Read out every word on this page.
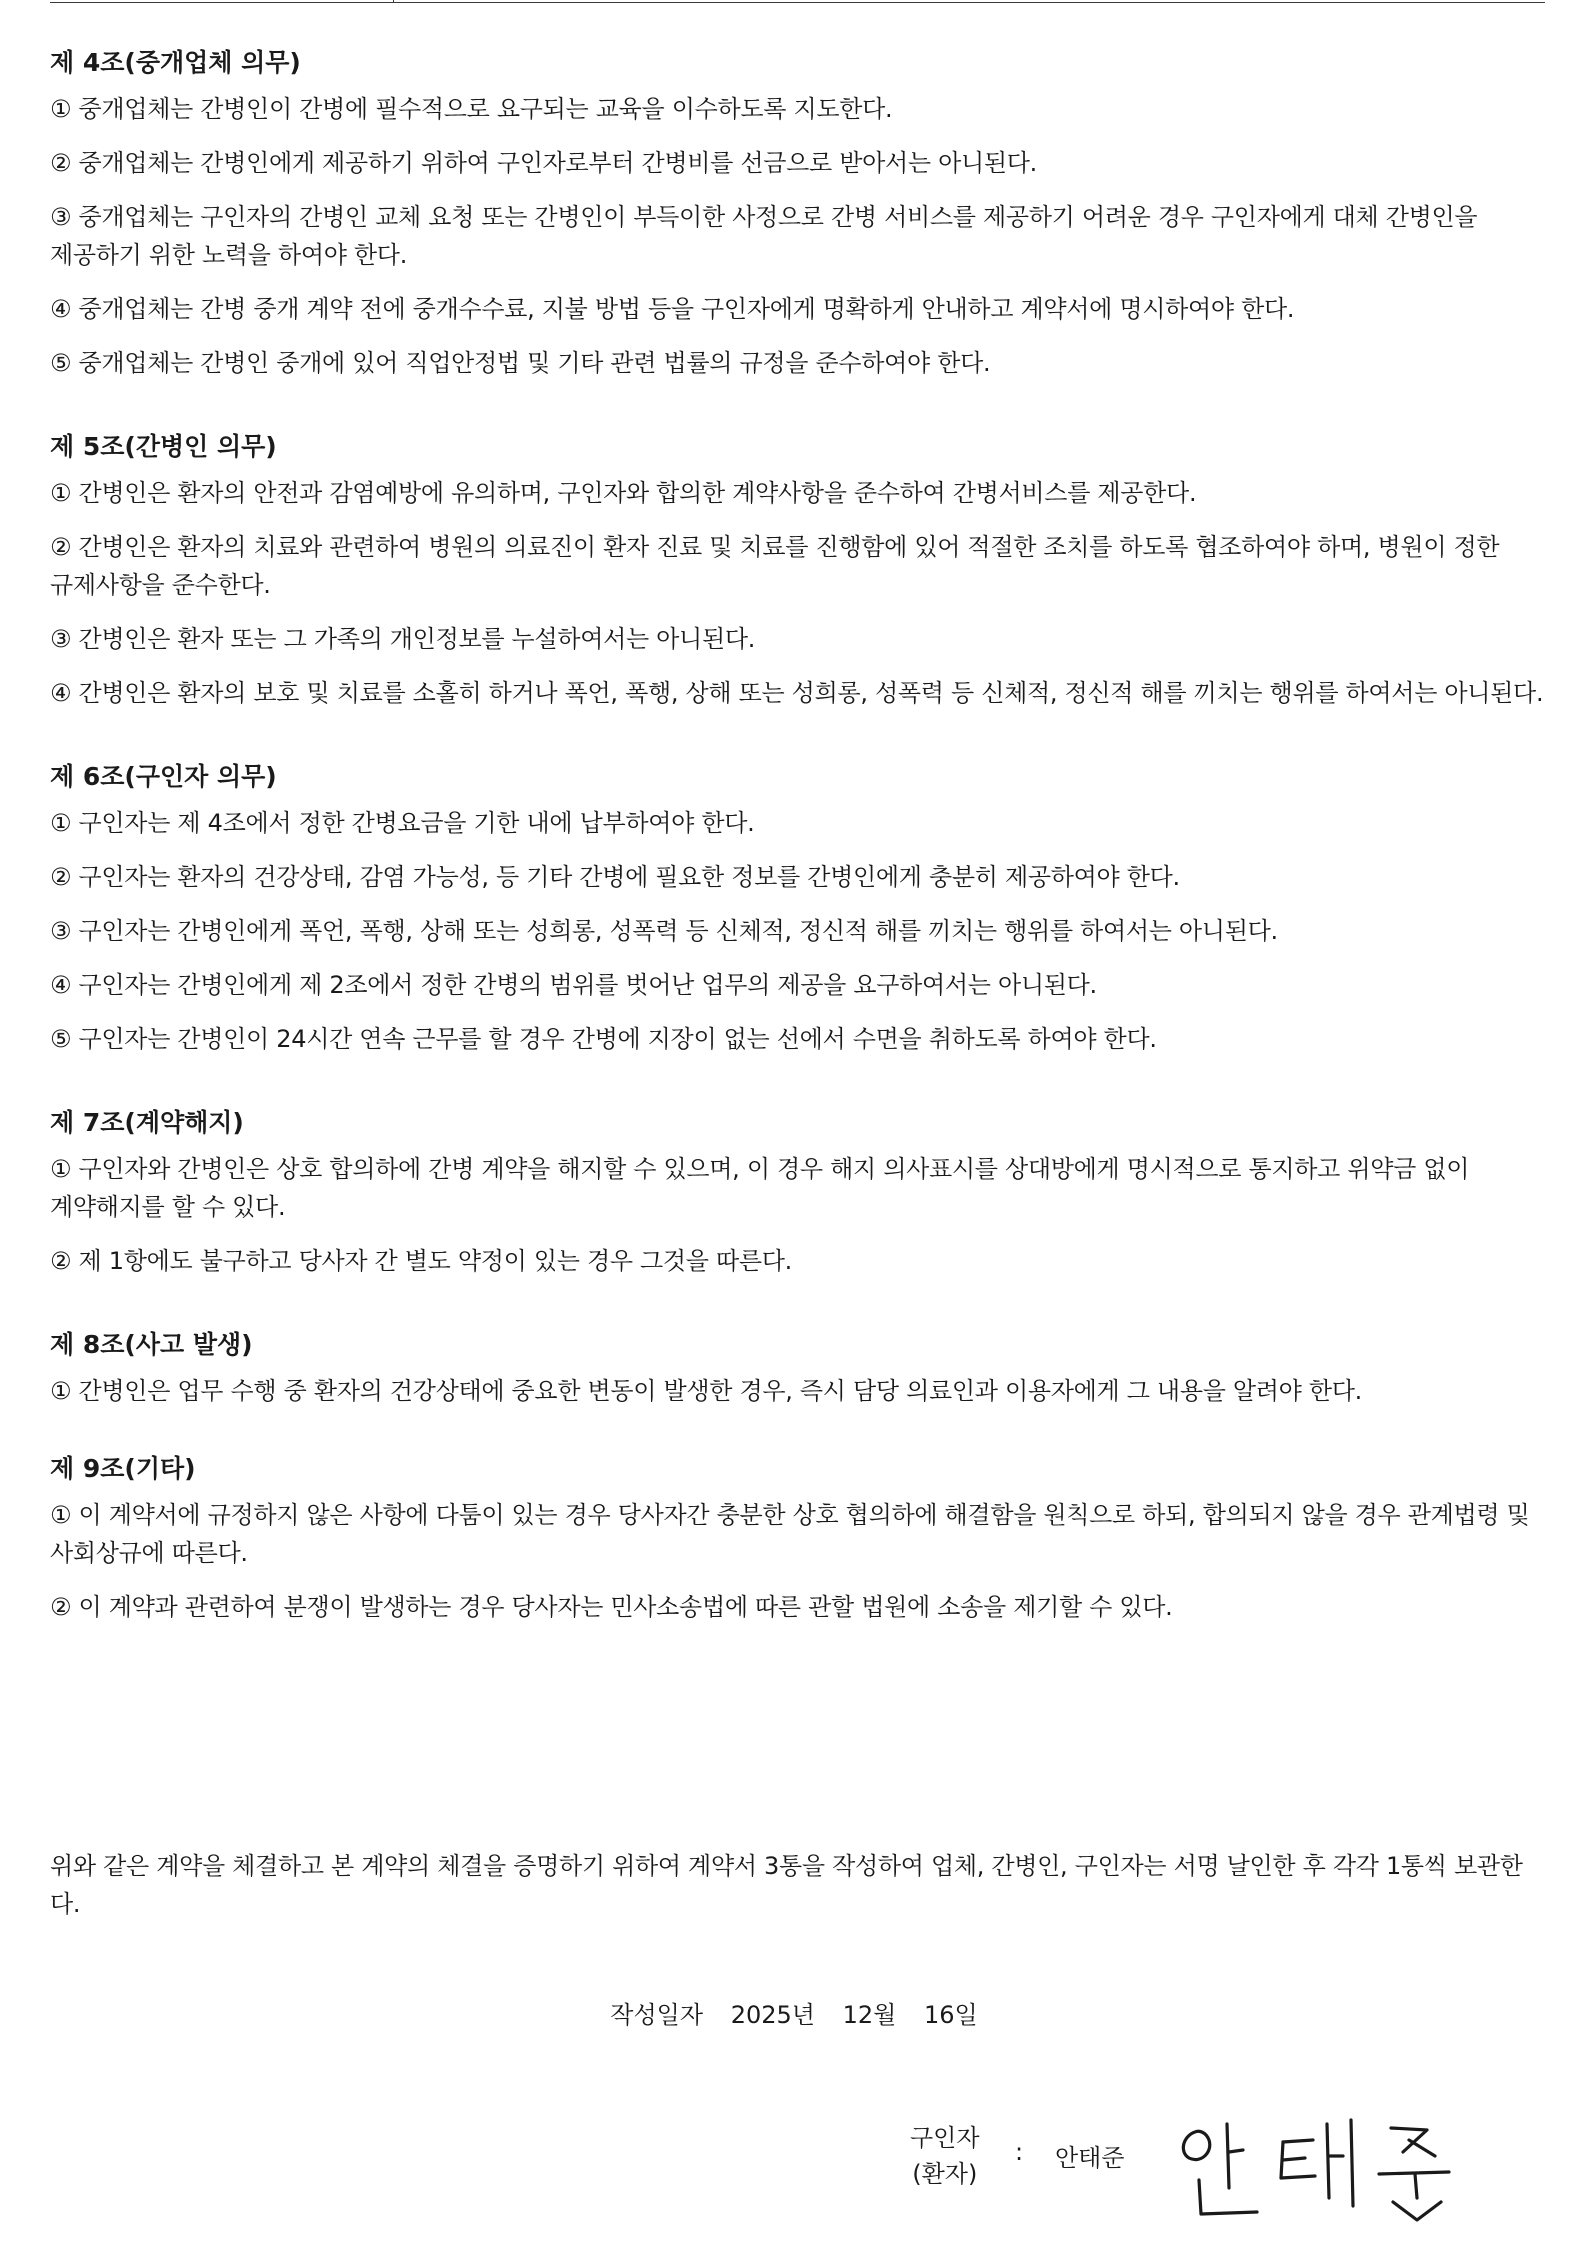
제 4조(중개업체 의무)

① 중개업체는 간병인이 간병에 필수적으로 요구되는 교육을 이수하도록 지도한다.

② 중개업체는 간병인에게 제공하기 위하여 구인자로부터 간병비를 선금으로 받아서는 아니된다.

③ 중개업체는 구인자의 간병인 교체 요청 또는 간병인이 부득이한 사정으로 간병 서비스를 제공하기 어려운 경우 구인자에게 대체 간병인을 제공하기 위한 노력을 하여야 한다.

④ 중개업체는 간병 중개 계약 전에 중개수수료, 지불 방법 등을 구인자에게 명확하게 안내하고 계약서에 명시하여야 한다.

⑤ 중개업체는 간병인 중개에 있어 직업안정법 및 기타 관련 법률의 규정을 준수하여야 한다.

제 5조(간병인 의무)

① 간병인은 환자의 안전과 감염예방에 유의하며, 구인자와 합의한 계약사항을 준수하여 간병서비스를 제공한다.

② 간병인은 환자의 치료와 관련하여 병원의 의료진이 환자 진료 및 치료를 진행함에 있어 적절한 조치를 하도록 협조하여야 하며, 병원이 정한 규제사항을 준수한다.

③ 간병인은 환자 또는 그 가족의 개인정보를 누설하여서는 아니된다.

④ 간병인은 환자의 보호 및 치료를 소홀히 하거나 폭언, 폭행, 상해 또는 성희롱, 성폭력 등 신체적, 정신적 해를 끼치는 행위를 하여서는 아니된다.

제 6조(구인자 의무)

① 구인자는 제 4조에서 정한 간병요금을 기한 내에 납부하여야 한다.

② 구인자는 환자의 건강상태, 감염 가능성, 등 기타 간병에 필요한 정보를 간병인에게 충분히 제공하여야 한다.

③ 구인자는 간병인에게 폭언, 폭행, 상해 또는 성희롱, 성폭력 등 신체적, 정신적 해를 끼치는 행위를 하여서는 아니된다.

④ 구인자는 간병인에게 제 2조에서 정한 간병의 범위를 벗어난 업무의 제공을 요구하여서는 아니된다.

⑤ 구인자는 간병인이 24시간 연속 근무를 할 경우 간병에 지장이 없는 선에서 수면을 취하도록 하여야 한다.

제 7조(계약해지)

① 구인자와 간병인은 상호 합의하에 간병 계약을 해지할 수 있으며, 이 경우 해지 의사표시를 상대방에게 명시적으로 통지하고 위약금 없이 계약해지를 할 수 있다.

② 제 1항에도 불구하고 당사자 간 별도 약정이 있는 경우 그것을 따른다.

제 8조(사고 발생)

① 간병인은 업무 수행 중 환자의 건강상태에 중요한 변동이 발생한 경우, 즉시 담당 의료인과 이용자에게 그 내용을 알려야 한다.

제 9조(기타)

① 이 계약서에 규정하지 않은 사항에 다툼이 있는 경우 당사자간 충분한 상호 협의하에 해결함을 원칙으로 하되, 합의되지 않을 경우 관계법령 및 사회상규에 따른다.

② 이 계약과 관련하여 분쟁이 발생하는 경우 당사자는 민사소송법에 따른 관할 법원에 소송을 제기할 수 있다.

위와 같은 계약을 체결하고 본 계약의 체결을 증명하기 위하여 계약서 3통을 작성하여 업체, 간병인, 구인자는 서명 날인한 후 각각 1통씩 보관한다.

작성일자 2025년 12월 16일
구인자
(환자)
: 안태준
